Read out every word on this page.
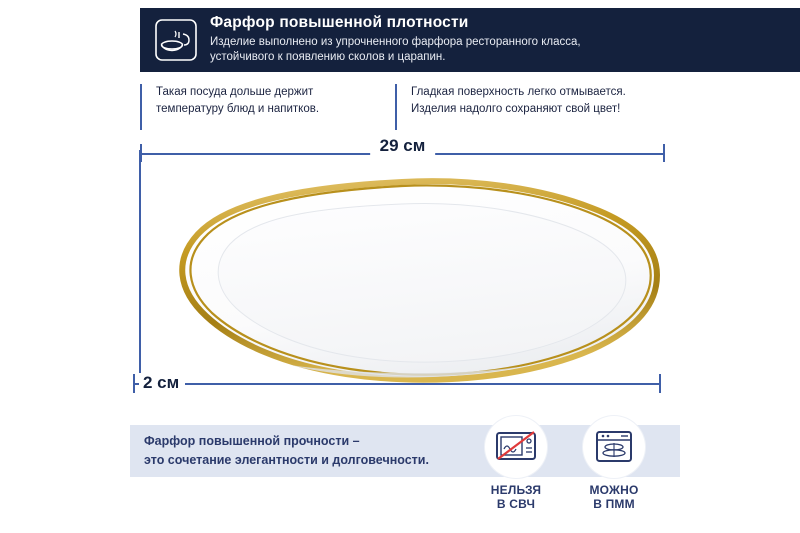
Фарфор повышенной плотности
Изделие выполнено из упрочненного фарфора ресторанного класса,
устойчивого к появлению сколов и царапин.
Такая посуда дольше держит
температуру блюд и напитков.
Гладкая поверхность легко отмывается.
Изделия надолго сохраняют свой цвет!
29 см
2 см
Фарфор повышенной прочности –
это сочетание элегантности и долговечности.
НЕЛЬЗЯ
В СВЧ
МОЖНО
В ПММ
